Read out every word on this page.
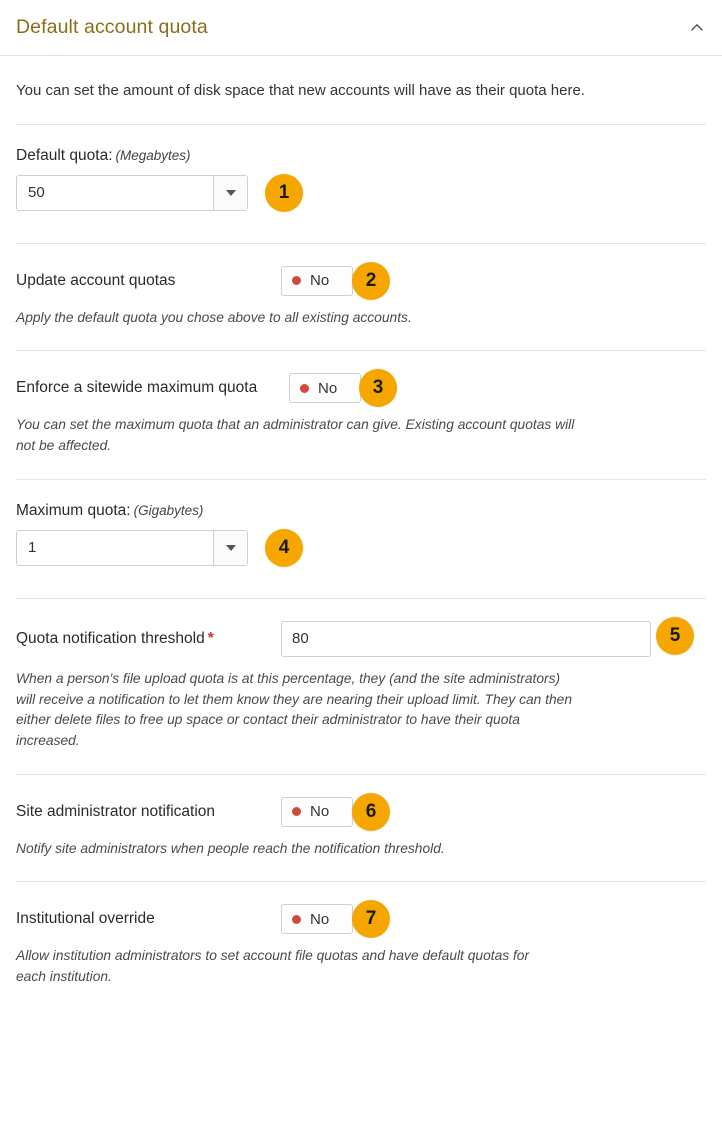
Default account quota
You can set the amount of disk space that new accounts will have as their quota here.
Default quota: (Megabytes)
50	1
Update account quotas	No	2
Apply the default quota you chose above to all existing accounts.
Enforce a sitewide maximum quota	No	3
You can set the maximum quota that an administrator can give. Existing account quotas will not be affected.
Maximum quota: (Gigabytes)
1	4
Quota notification threshold *
80	5
When a person's file upload quota is at this percentage, they (and the site administrators) will receive a notification to let them know they are nearing their upload limit. They can then either delete files to free up space or contact their administrator to have their quota increased.
Site administrator notification	No	6
Notify site administrators when people reach the notification threshold.
Institutional override	No	7
Allow institution administrators to set account file quotas and have default quotas for each institution.
